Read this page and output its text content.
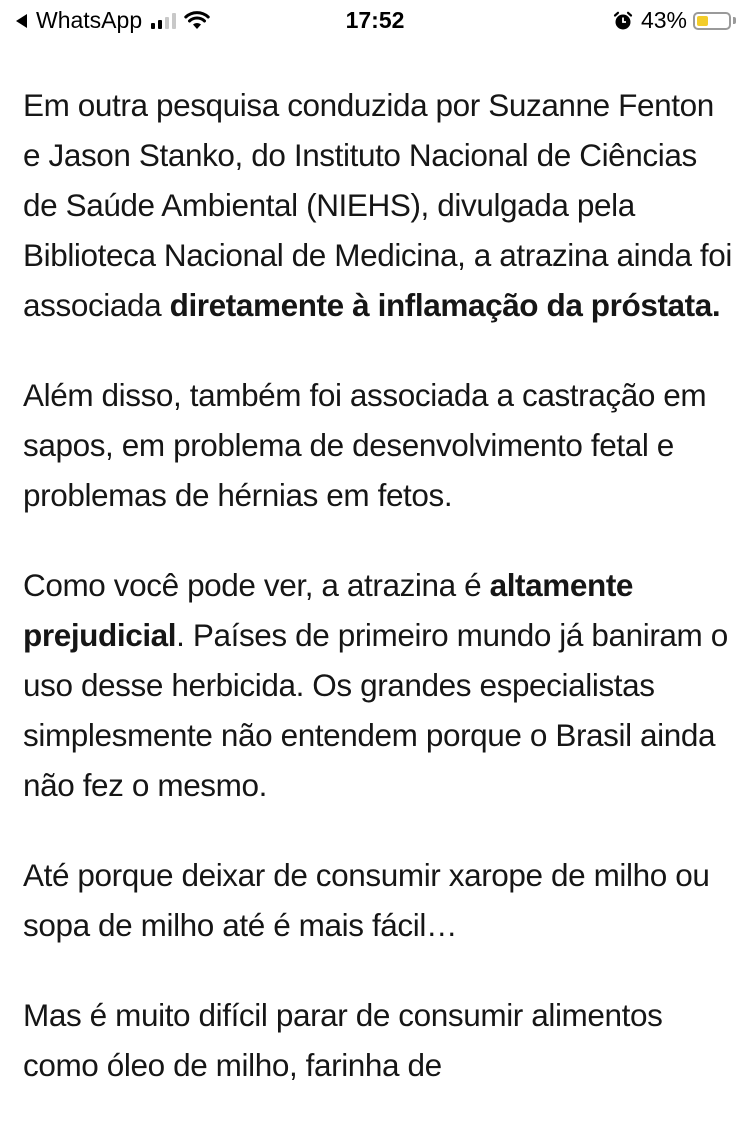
WhatsApp	17:52	43%

Em outra pesquisa conduzida por Suzanne Fenton e Jason Stanko, do Instituto Nacional de Ciências de Saúde Ambiental (NIEHS), divulgada pela Biblioteca Nacional de Medicina, a atrazina ainda foi associada diretamente à inflamação da próstata.

Além disso, também foi associada a castração em sapos, em problema de desenvolvimento fetal e problemas de hérnias em fetos.

Como você pode ver, a atrazina é altamente prejudicial. Países de primeiro mundo já baniram o uso desse herbicida. Os grandes especialistas simplesmente não entendem porque o Brasil ainda não fez o mesmo.

Até porque deixar de consumir xarope de milho ou sopa de milho até é mais fácil…

Mas é muito difícil parar de consumir alimentos como óleo de milho, farinha de
